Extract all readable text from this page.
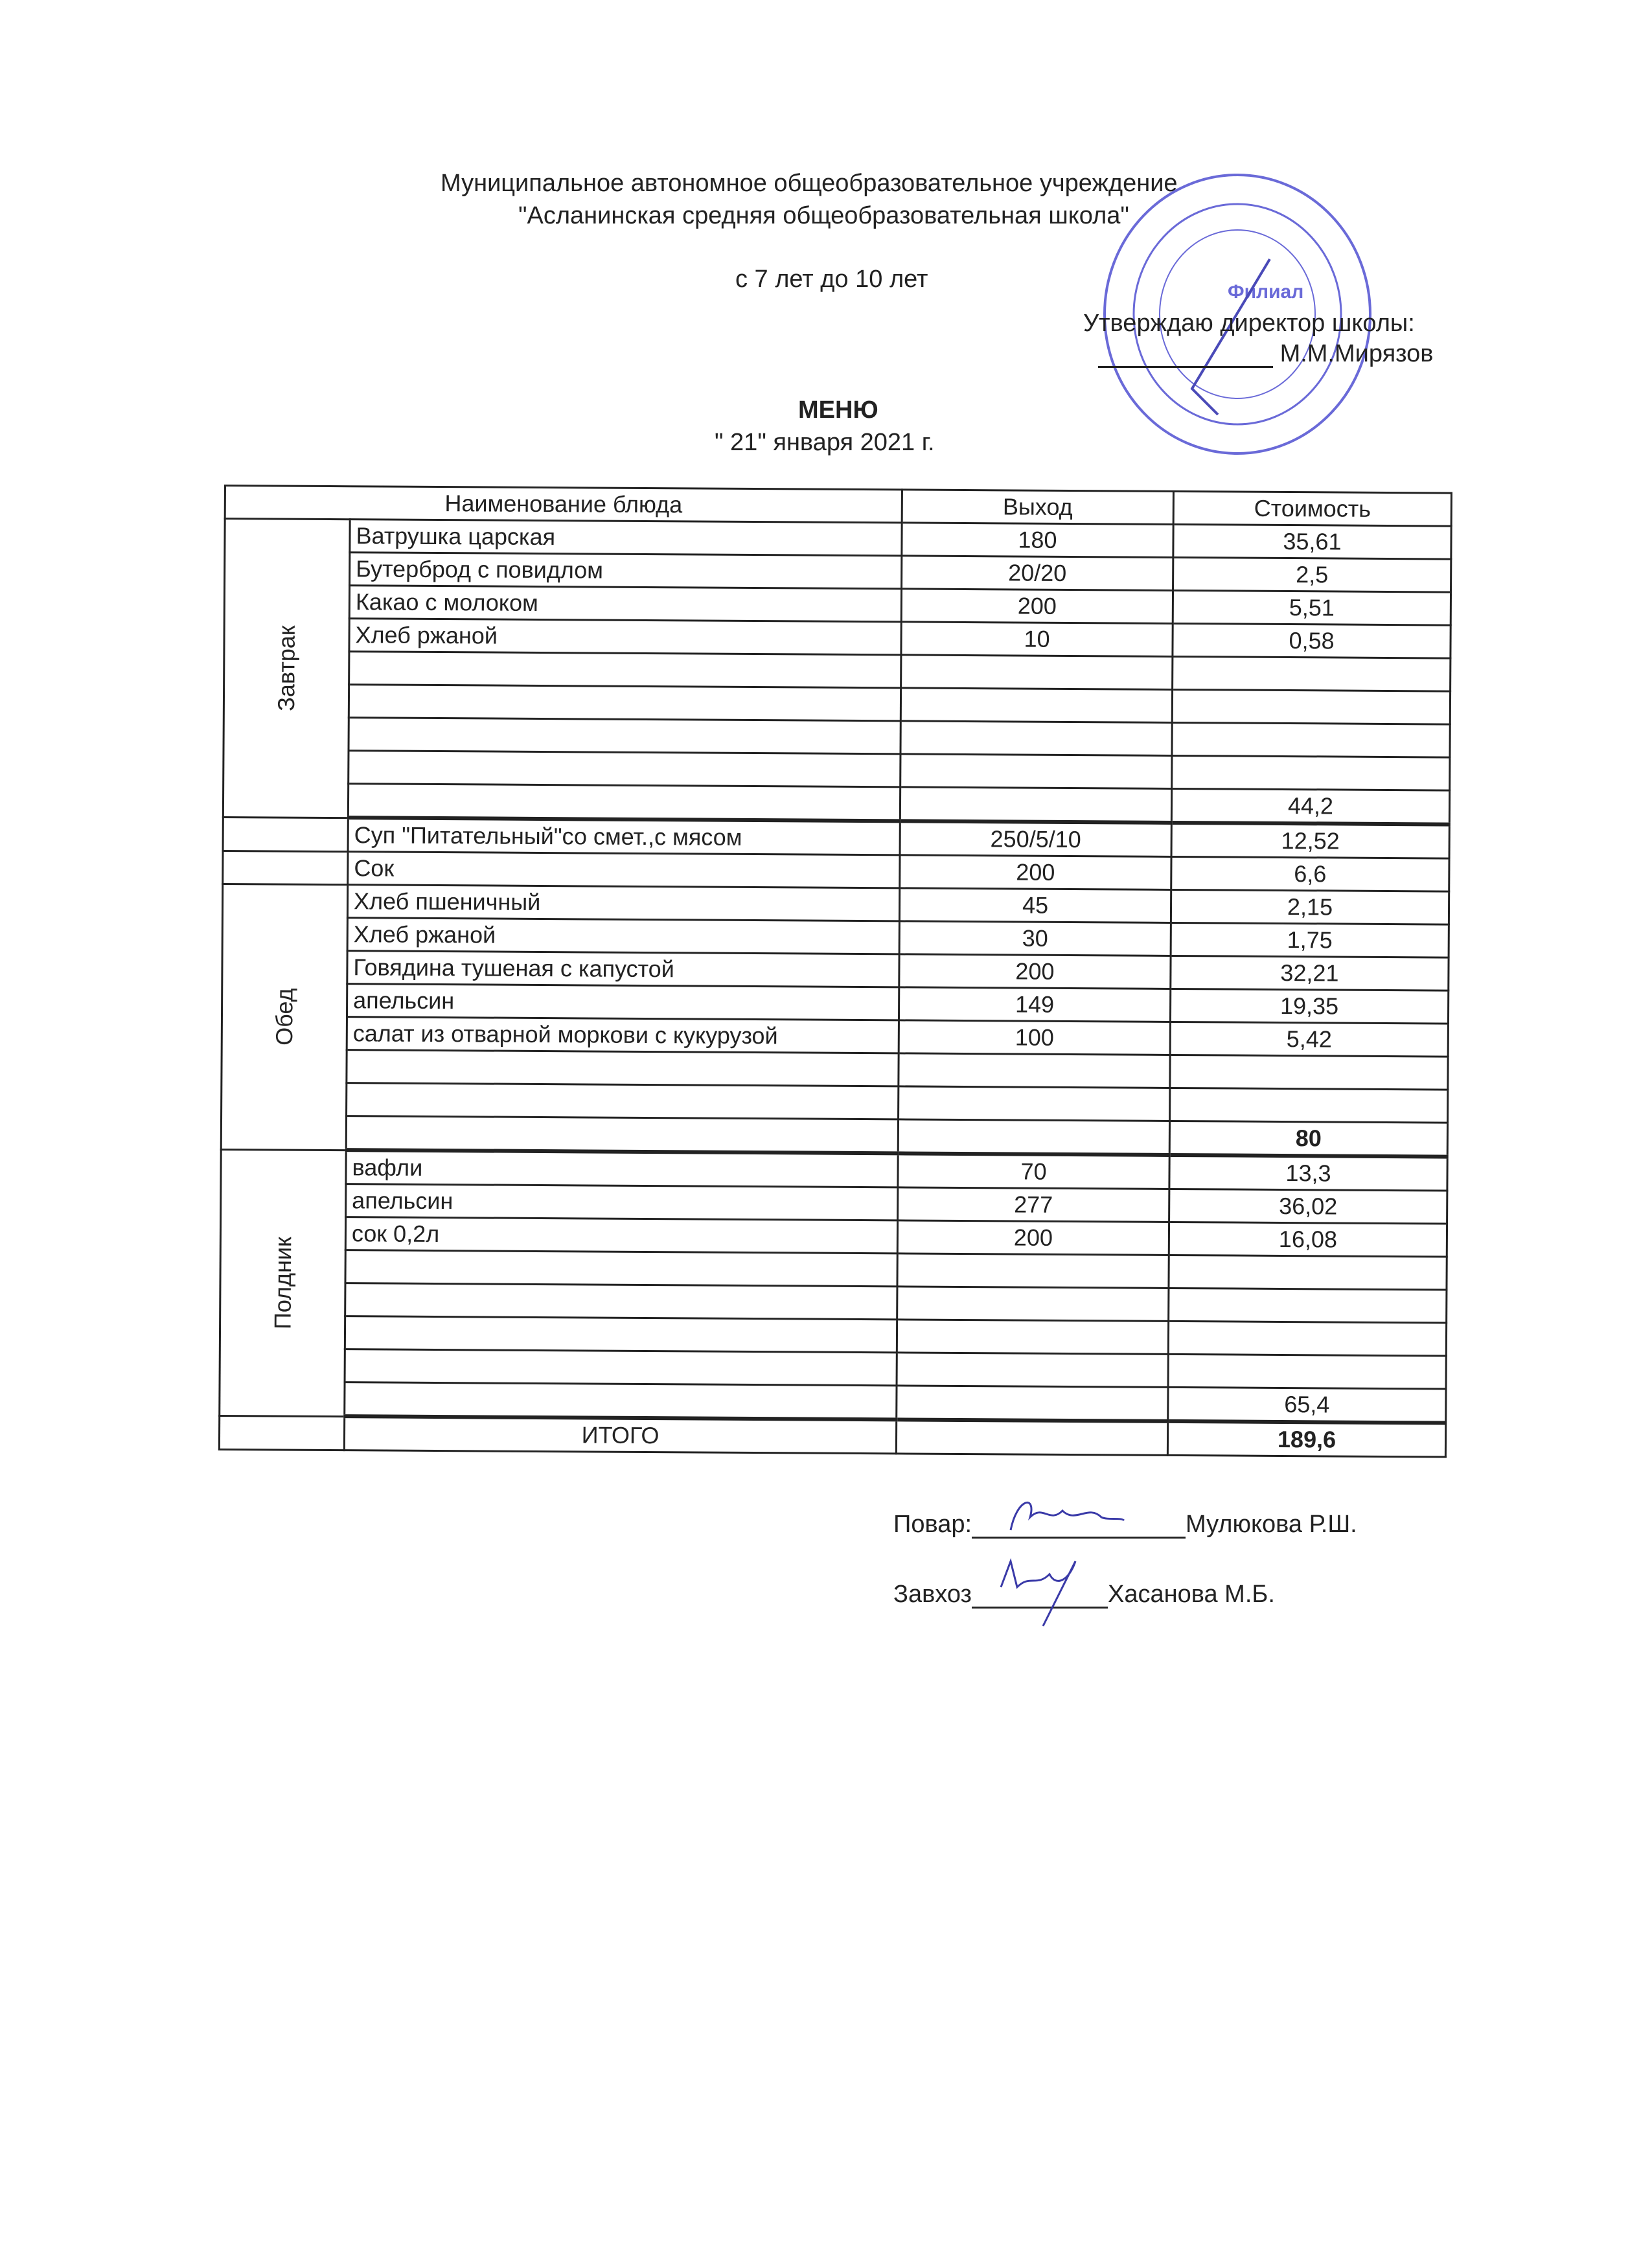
Муниципальное автономное общеобразовательное учреждение
"Асланинская средняя общеобразовательная школа"
с 7 лет до 10 лет	Филиал
Утверждаю директор школы:
М.М.Мирязов
МЕНЮ
" 21" января 2021 г.
Наименование блюда		Выход	Стоимость
Завтрак	Ватрушка царская	180	35,61
	Бутерброд с повидлом	20/20	2,5
	Какао с молоком	200	5,51
	Хлеб ржаной	10	0,58

			44,2
	Суп "Питательный"со смет.,с мясом	250/5/10	12,52
	Сок	200	6,6
Обед	Хлеб пшеничный	45	2,15
	Хлеб ржаной	30	1,75
	Говядина тушеная с капустой	200	32,21
	апельсин	149	19,35
	салат из отварной моркови с кукурузой	100	5,42

			80
Полдник	вафли	70	13,3
	апельсин	277	36,02
	сок 0,2л	200	16,08

			65,4
	ИТОГО		189,6
Повар:	Мулюкова Р.Ш.
Завхоз	Хасанова М.Б.
